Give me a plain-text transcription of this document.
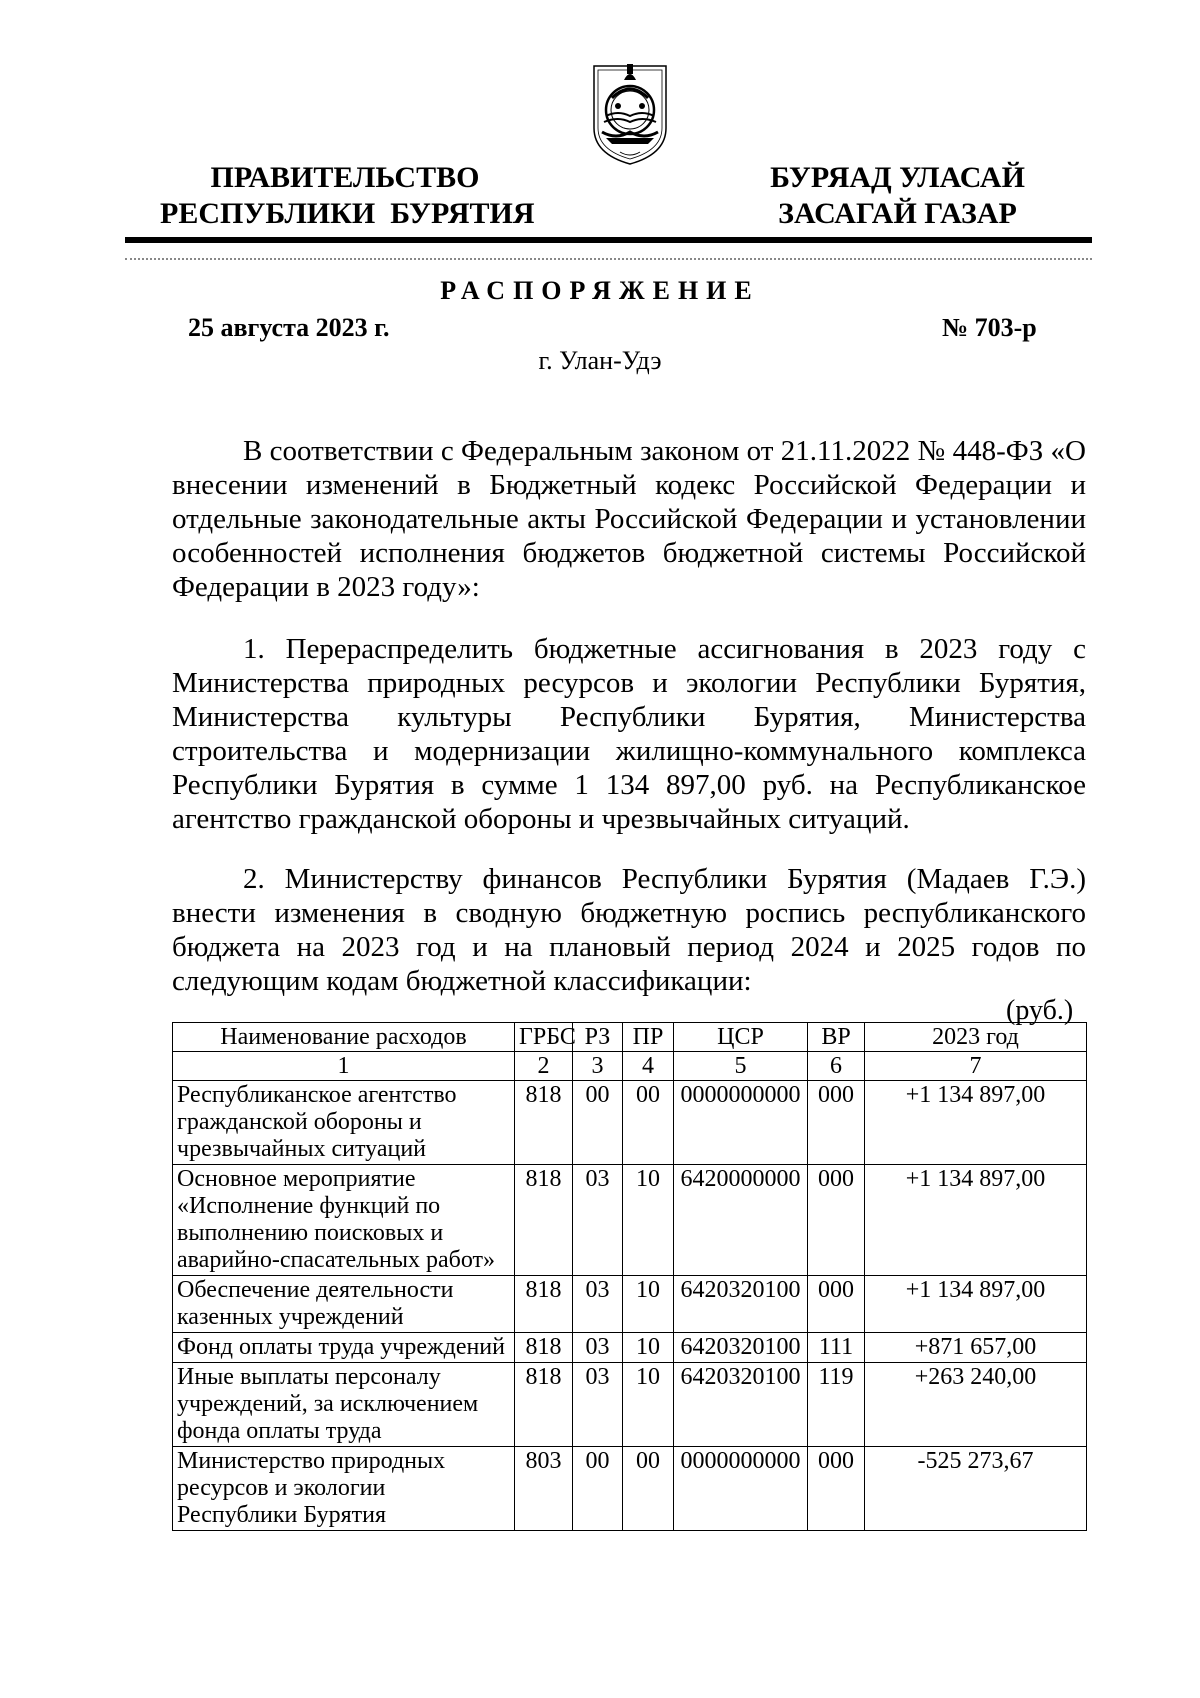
ПРАВИТЕЛЬСТВО
РЕСПУБЛИКИ  БУРЯТИЯ
БУРЯАД УЛАСАЙ
ЗАСАГАЙ ГАЗАР
РАСПОРЯЖЕНИЕ
25 августа 2023 г.	№ 703-р
г. Улан-Удэ
В соответствии с Федеральным законом от 21.11.2022 № 448-ФЗ «О внесении изменений в Бюджетный кодекс Российской Федерации и отдельные законодательные акты Российской Федерации и установлении особенностей исполнения бюджетов бюджетной системы Российской Федерации в 2023 году»:
1. Перераспределить бюджетные ассигнования в 2023 году с Министерства природных ресурсов и экологии Республики Бурятия, Министерства культуры Республики Бурятия, Министерства строительства и модернизации жилищно-коммунального комплекса Республики Бурятия в сумме 1 134 897,00 руб. на Республиканское агентство гражданской обороны и чрезвычайных ситуаций.
2. Министерству финансов Республики Бурятия (Мадаев Г.Э.) внести изменения в сводную бюджетную роспись республиканского бюджета на 2023 год и на плановый период 2024 и 2025 годов по следующим кодам бюджетной классификации:
(руб.)
Наименование расходов	ГРБС	РЗ	ПР	ЦСР	ВР	2023 год
1	2	3	4	5	6	7
Республиканское агентство гражданской обороны и чрезвычайных ситуаций	818	00	00	0000000000	000	+1 134 897,00
Основное мероприятие «Исполнение функций по выполнению поисковых и аварийно-спасательных работ»	818	03	10	6420000000	000	+1 134 897,00
Обеспечение деятельности казенных учреждений	818	03	10	6420320100	000	+1 134 897,00
Фонд оплаты труда учреждений	818	03	10	6420320100	111	+871 657,00
Иные выплаты персоналу учреждений, за исключением фонда оплаты труда	818	03	10	6420320100	119	+263 240,00
Министерство природных ресурсов и экологии Республики Бурятия	803	00	00	0000000000	000	-525 273,67
